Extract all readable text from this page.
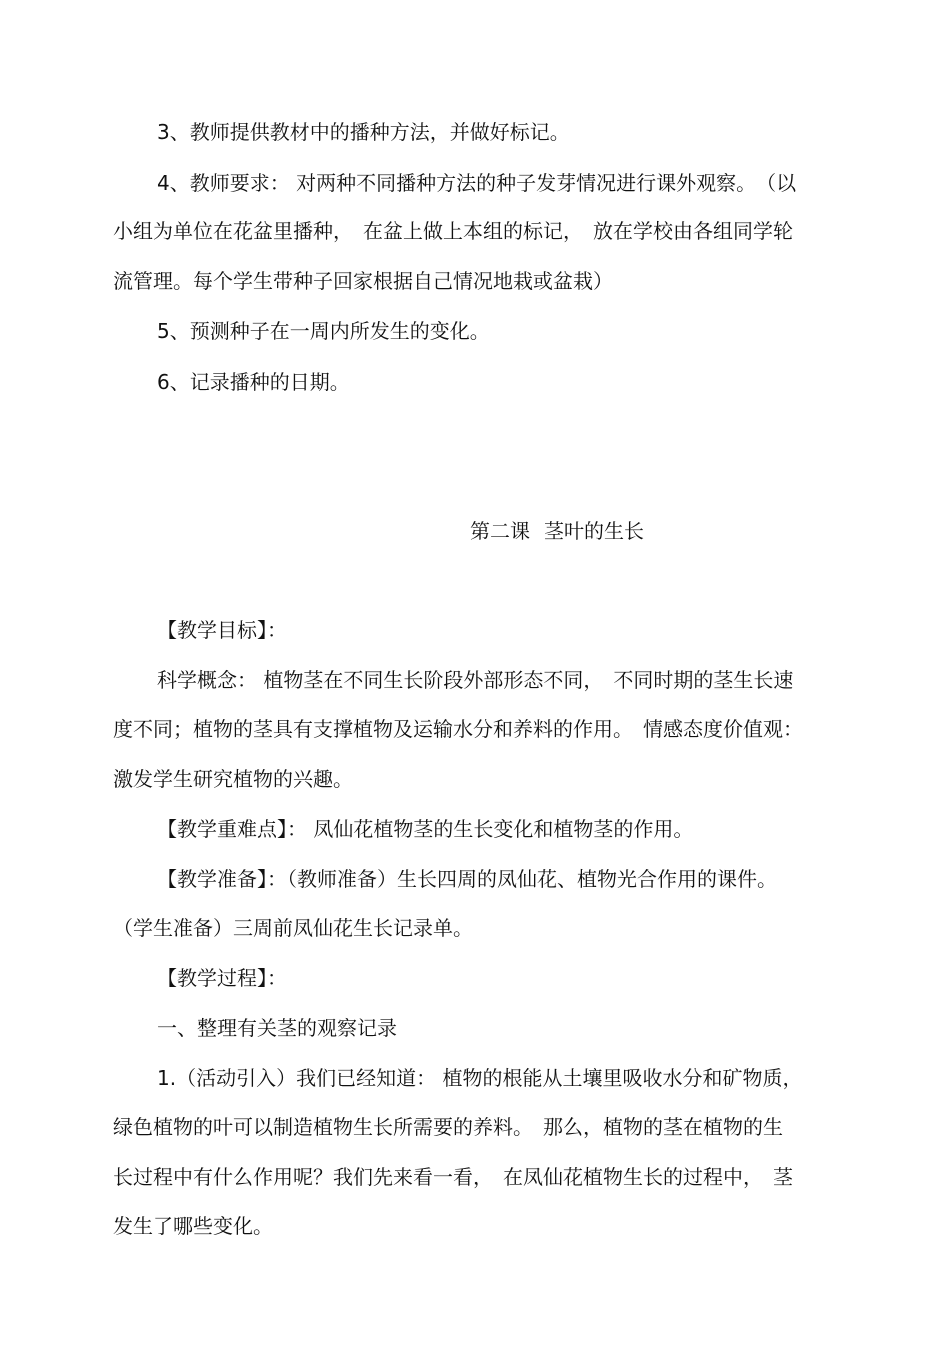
3、教师提供教材中的播种方法，并做好标记。

4、教师要求： 对两种不同播种方法的种子发芽情况进行课外观察。　（以

小组为单位在花盆里播种，　在盆上做上本组的标记，　放在学校由各组同学轮

流管理。每个学生带种子回家根据自己情况地栽或盆栽）

5、预测种子在一周内所发生的变化。

6、记录播种的日期。

第二课 茎叶的生长

【教学目标】：

科学概念： 植物茎在不同生长阶段外部形态不同，　不同时期的茎生长速

度不同；植物的茎具有支撑植物及运输水分和养料的作用。　情感态度价值观：

激发学生研究植物的兴趣。

【教学重难点】： 凤仙花植物茎的生长变化和植物茎的作用。

【教学准备】：（教师准备）生长四周的凤仙花、植物光合作用的课件。

（学生准备）三周前凤仙花生长记录单。

【教学过程】：

一、整理有关茎的观察记录

1.（活动引入）我们已经知道： 植物的根能从土壤里吸收水分和矿物质，

绿色植物的叶可以制造植物生长所需要的养料。　那么，植物的茎在植物的生

长过程中有什么作用呢？我们先来看一看，　在凤仙花植物生长的过程中，　茎

发生了哪些变化。
